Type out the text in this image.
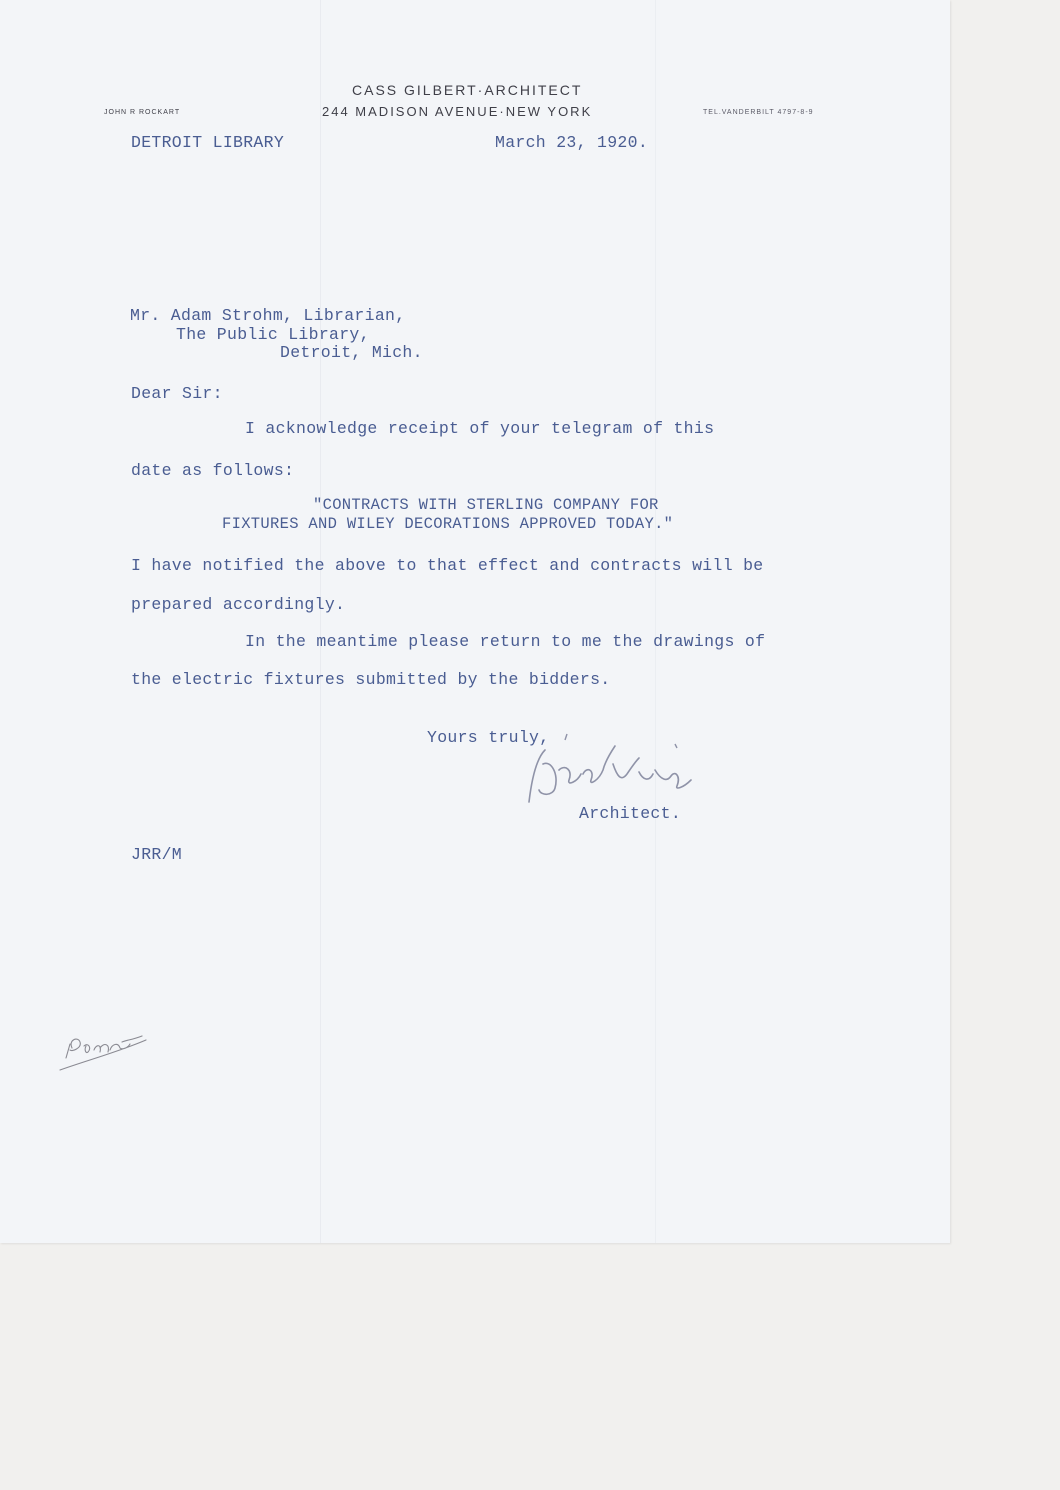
CASS GILBERT·ARCHITECT
244 MADISON AVENUE·NEW YORK
JOHN R ROCKART	TEL.VANDERBILT 4797-8-9
DETROIT LIBRARY	March 23, 1920.
Mr. Adam Strohm, Librarian,
The Public Library,
Detroit, Mich.
Dear Sir:
I acknowledge receipt of your telegram of this
date as follows:
"CONTRACTS WITH STERLING COMPANY FOR
FIXTURES AND WILEY DECORATIONS APPROVED TODAY."
I have notified the above to that effect and contracts will be
prepared accordingly.
In the meantime please return to me the drawings of
the electric fixtures submitted by the bidders.
Yours truly,
Architect.
JRR/M
